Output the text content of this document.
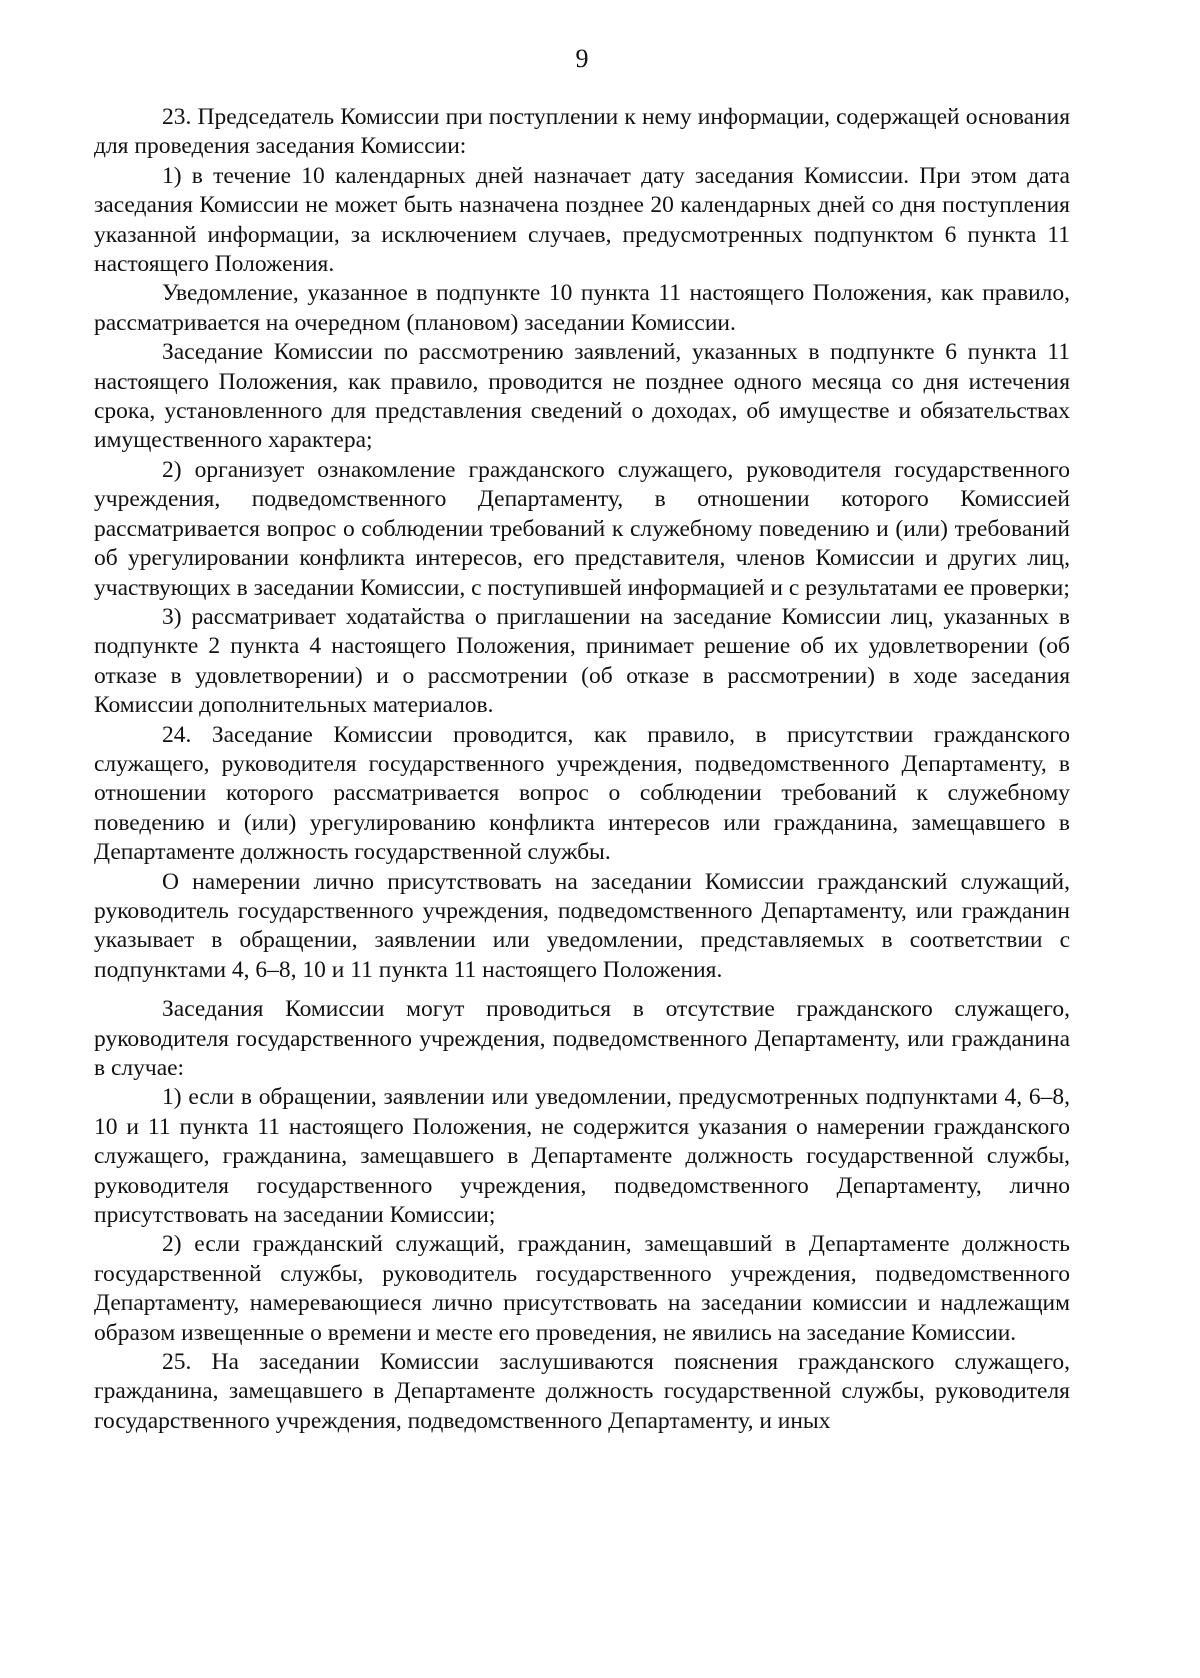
9

23. Председатель Комиссии при поступлении к нему информации, содержащей основания для проведения заседания Комиссии:

1) в течение 10 календарных дней назначает дату заседания Комиссии. При этом дата заседания Комиссии не может быть назначена позднее 20 календарных дней со дня поступления указанной информации, за исключением случаев, предусмотренных подпунктом 6 пункта 11 настоящего Положения.

Уведомление, указанное в подпункте 10 пункта 11 настоящего Положения, как правило, рассматривается на очередном (плановом) заседании Комиссии.

Заседание Комиссии по рассмотрению заявлений, указанных в подпункте 6 пункта 11 настоящего Положения, как правило, проводится не позднее одного месяца со дня истечения срока, установленного для представления сведений о доходах, об имуществе и обязательствах имущественного характера;

2) организует ознакомление гражданского служащего, руководителя государственного учреждения, подведомственного Департаменту, в отношении которого Комиссией рассматривается вопрос о соблюдении требований к служебному поведению и (или) требований об урегулировании конфликта интересов, его представителя, членов Комиссии и других лиц, участвующих в заседании Комиссии, с поступившей информацией и с результатами ее проверки;

3) рассматривает ходатайства о приглашении на заседание Комиссии лиц, указанных в подпункте 2 пункта 4 настоящего Положения, принимает решение об их удовлетворении (об отказе в удовлетворении) и о рассмотрении (об отказе в рассмотрении) в ходе заседания Комиссии дополнительных материалов.

24. Заседание Комиссии проводится, как правило, в присутствии гражданского служащего, руководителя государственного учреждения, подведомственного Департаменту, в отношении которого рассматривается вопрос о соблюдении требований к служебному поведению и (или) урегулированию конфликта интересов или гражданина, замещавшего в Департаменте должность государственной службы.

О намерении лично присутствовать на заседании Комиссии гражданский служащий, руководитель государственного учреждения, подведомственного Департаменту, или гражданин указывает в обращении, заявлении или уведомлении, представляемых в соответствии с подпунктами 4, 6–8, 10 и 11 пункта 11 настоящего Положения.

Заседания Комиссии могут проводиться в отсутствие гражданского служащего, руководителя государственного учреждения, подведомственного Департаменту, или гражданина в случае:

1) если в обращении, заявлении или уведомлении, предусмотренных подпунктами 4, 6–8, 10 и 11 пункта 11 настоящего Положения, не содержится указания о намерении гражданского служащего, гражданина, замещавшего в Департаменте должность государственной службы, руководителя государственного учреждения, подведомственного Департаменту, лично присутствовать на заседании Комиссии;

2) если гражданский служащий, гражданин, замещавший в Департаменте должность государственной службы, руководитель государственного учреждения, подведомственного Департаменту, намеревающиеся лично присутствовать на заседании комиссии и надлежащим образом извещенные о времени и месте его проведения, не явились на заседание Комиссии.

25. На заседании Комиссии заслушиваются пояснения гражданского служащего, гражданина, замещавшего в Департаменте должность государственной службы, руководителя государственного учреждения, подведомственного Департаменту, и иных
